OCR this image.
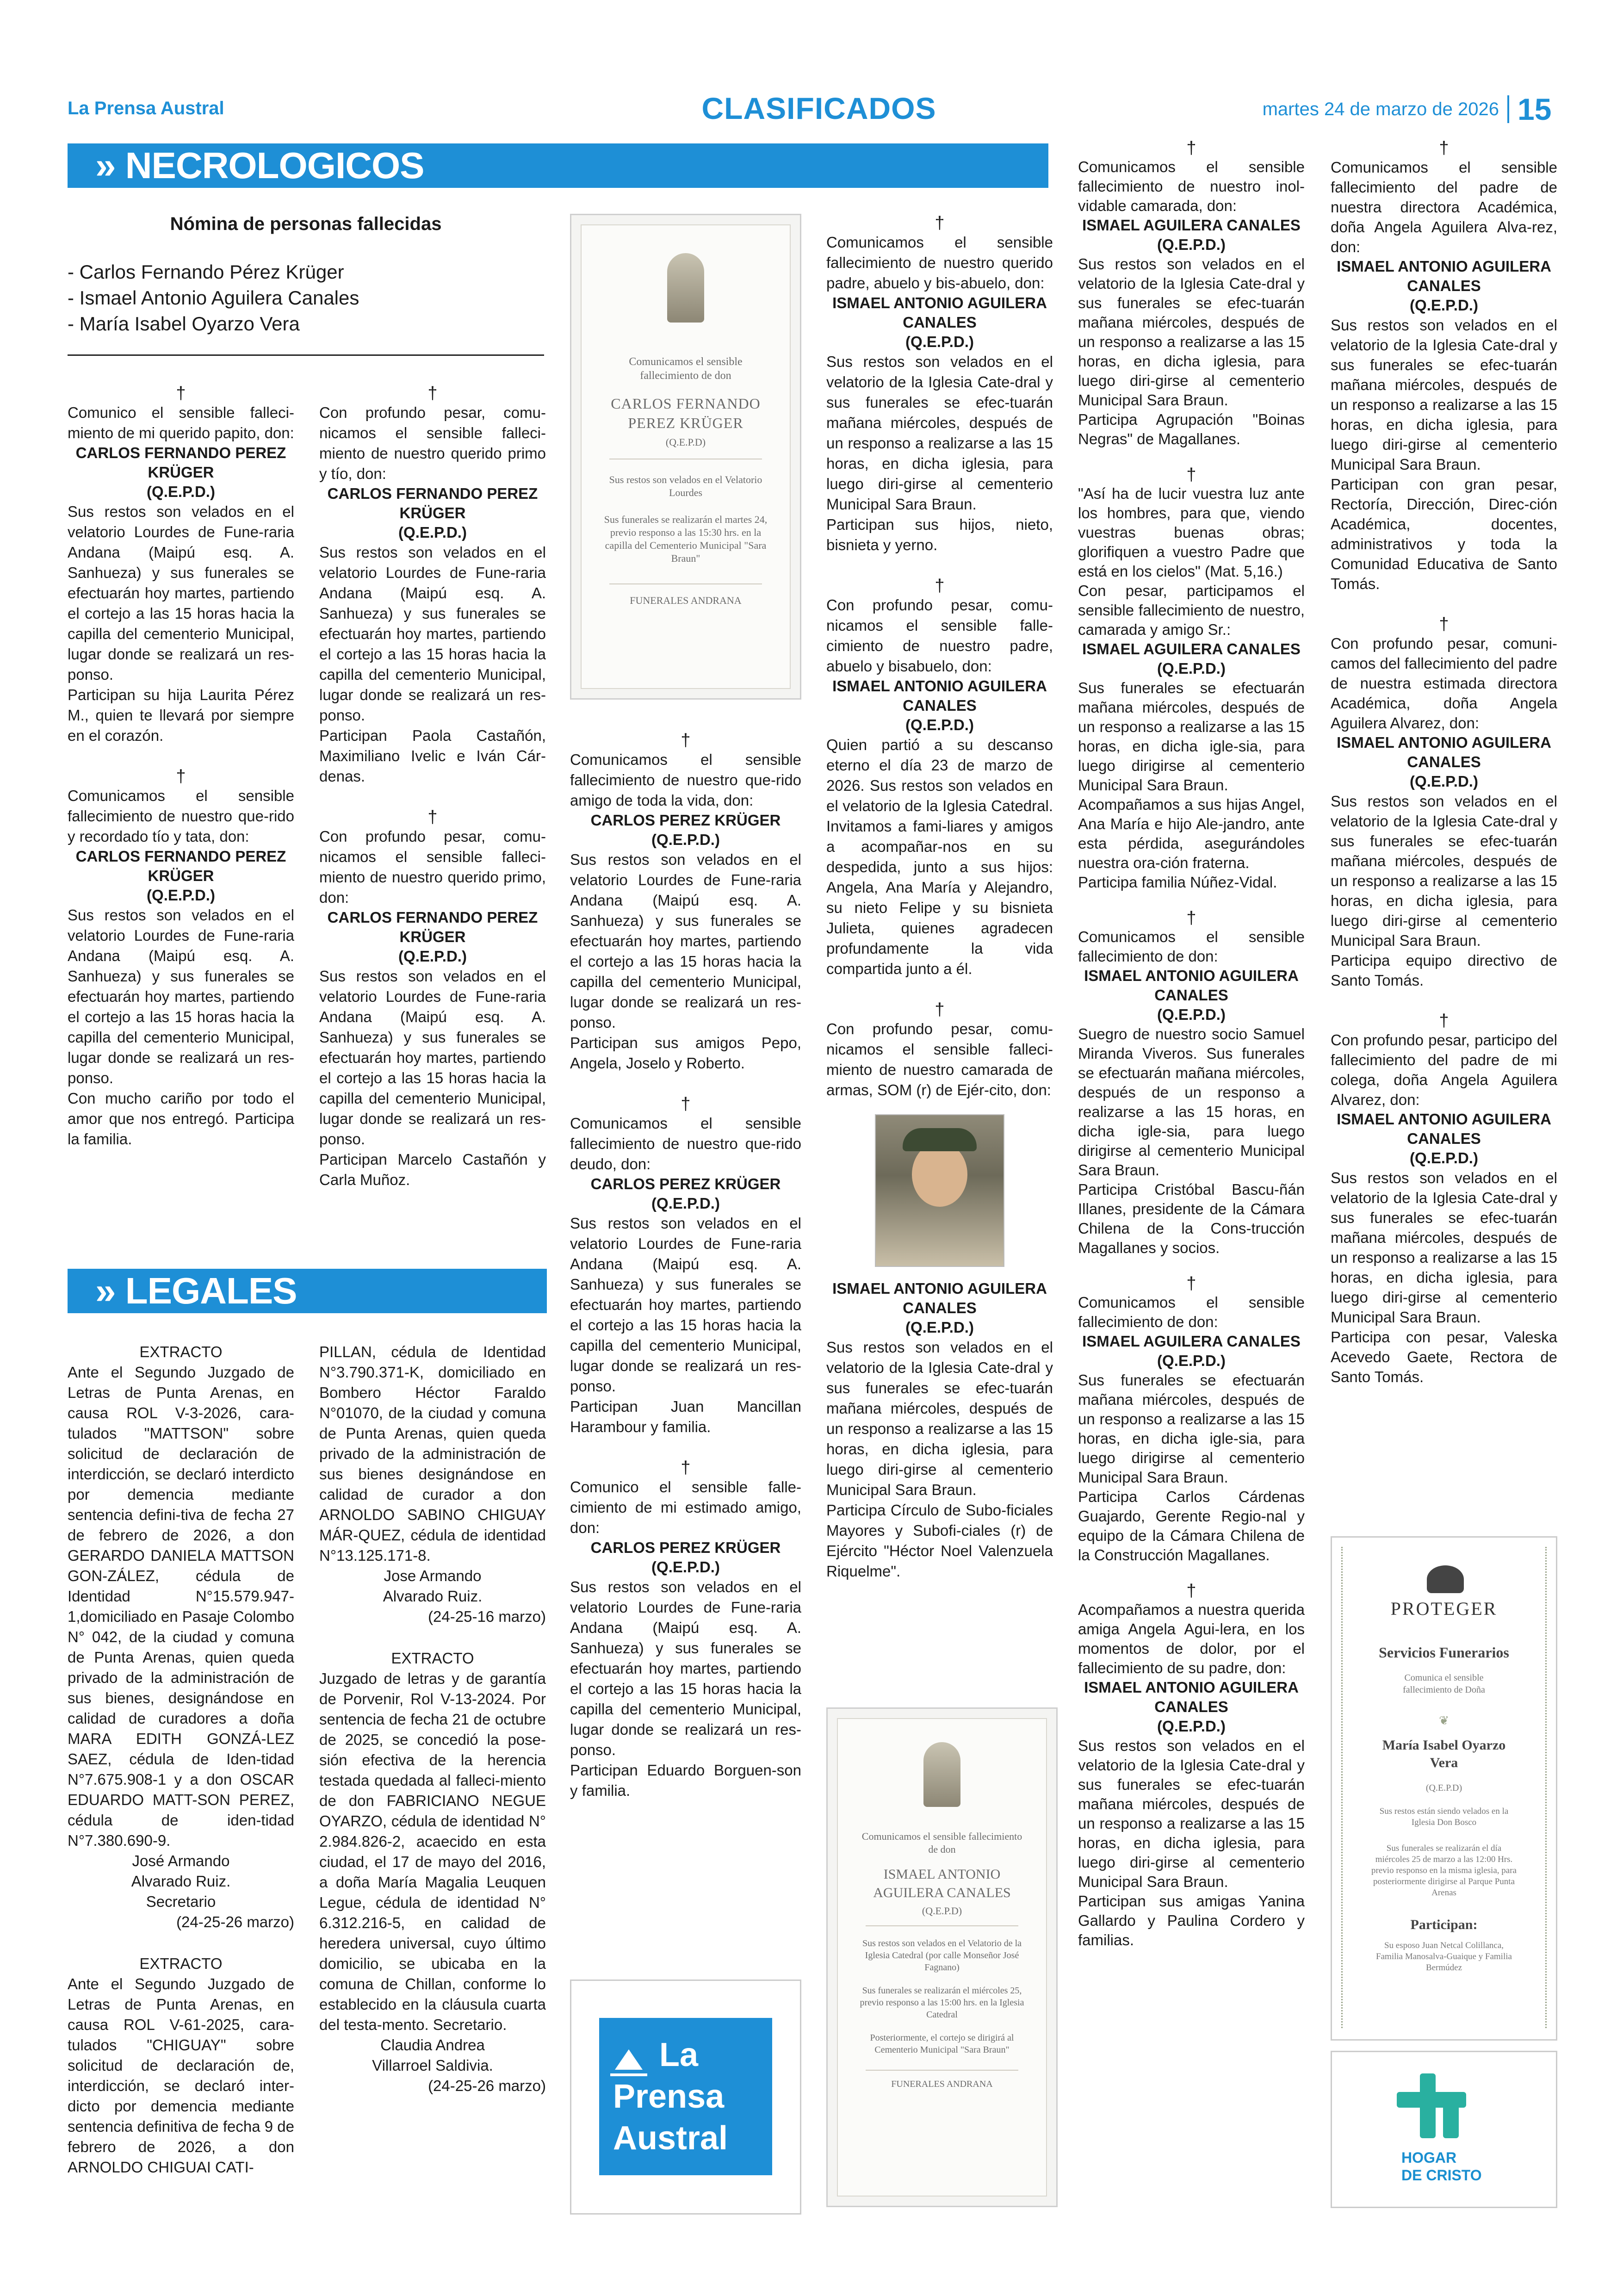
La Prensa Austral	CLASIFICADOS	martes 24 de marzo de 2026 15
» NECROLOGICOS
Nómina de personas fallecidas
- Carlos Fernando Pérez Krüger
- Ismael Antonio Aguilera Canales
- María Isabel Oyarzo Vera
†

Comunico el sensible falleci-miento de mi querido papito, don:

CARLOS FERNANDO PEREZ KRÜGER

(Q.E.P.D.)

Sus restos son velados en el velatorio Lourdes de Fune-raria Andana (Maipú esq. A. Sanhueza) y sus funerales se efectuarán hoy martes, partiendo el cortejo a las 15 horas hacia la capilla del cementerio Municipal, lugar donde se realizará un res-ponso.

Participan su hija Laurita Pérez M., quien te llevará por siempre en el corazón.

†

Comunicamos el sensible fallecimiento de nuestro que-rido y recordado tío y tata, don:

CARLOS FERNANDO PEREZ KRÜGER

(Q.E.P.D.)

Sus restos son velados en el velatorio Lourdes de Fune-raria Andana (Maipú esq. A. Sanhueza) y sus funerales se efectuarán hoy martes, partiendo el cortejo a las 15 horas hacia la capilla del cementerio Municipal, lugar donde se realizará un res-ponso.

Con mucho cariño por todo el amor que nos entregó. Participa la familia.

†

Con profundo pesar, comu-nicamos el sensible falleci-miento de nuestro querido primo y tío, don:

CARLOS FERNANDO PEREZ KRÜGER

(Q.E.P.D.)

Sus restos son velados en el velatorio Lourdes de Fune-raria Andana (Maipú esq. A. Sanhueza) y sus funerales se efectuarán hoy martes, partiendo el cortejo a las 15 horas hacia la capilla del cementerio Municipal, lugar donde se realizará un res-ponso.

Participan Paola Castañón, Maximiliano Ivelic e Iván Cár-denas.

†

Con profundo pesar, comu-nicamos el sensible falleci-miento de nuestro querido primo, don:

CARLOS FERNANDO PEREZ KRÜGER

(Q.E.P.D.)

Sus restos son velados en el velatorio Lourdes de Fune-raria Andana (Maipú esq. A. Sanhueza) y sus funerales se efectuarán hoy martes, partiendo el cortejo a las 15 horas hacia la capilla del cementerio Municipal, lugar donde se realizará un res-ponso.

Participan Marcelo Castañón y Carla Muñoz.

» LEGALES

EXTRACTO

Ante el Segundo Juzgado de Letras de Punta Arenas, en causa ROL V-3-2026, cara-tulados "MATTSON" sobre solicitud de declaración de interdicción, se declaró interdicto por demencia mediante sentencia defini-tiva de fecha 27 de febrero de 2026, a don GERARDO DANIELA MATTSON GON-ZÁLEZ, cédula de Identidad N°15.579.947- 1,domiciliado en Pasaje Colombo N° 042, de la ciudad y comuna de Punta Arenas, quien queda privado de la administración de sus bienes, designándose en calidad de curadores a doña MARA EDITH GONZÁ-LEZ SAEZ, cédula de Iden-tidad N°7.675.908-1 y a don OSCAR EDUARDO MATT-SON PEREZ, cédula de iden-tidad N°7.380.690-9.

José Armando

Alvarado Ruiz.

Secretario

(24-25-26 marzo)

EXTRACTO

Ante el Segundo Juzgado de Letras de Punta Arenas, en causa ROL V-61-2025, cara-tulados "CHIGUAY" sobre solicitud de declaración de, interdicción, se declaró inter-dicto por demencia mediante sentencia definitiva de fecha 9 de febrero de 2026, a don ARNOLDO CHIGUAI CATI-

PILLAN, cédula de Identidad N°3.790.371-K, domiciliado en Bombero Héctor Faraldo N°01070, de la ciudad y comuna de Punta Arenas, quien queda privado de la administración de sus bienes designándose en calidad de curador a don ARNOLDO SABINO CHIGUAY MÁR-QUEZ, cédula de identidad N°13.125.171-8.

Jose Armando

Alvarado Ruiz.

(24-25-16 marzo)

EXTRACTO

Juzgado de letras y de garantía de Porvenir, Rol V-13-2024. Por sentencia de fecha 21 de octubre de 2025, se concedió la pose-sión efectiva de la herencia testada quedada al falleci-miento de don FABRICIANO NEGUE OYARZO, cédula de identidad N° 2.984.826-2, acaecido en esta ciudad, el 17 de mayo del 2016, a doña María Magalia Leuquen Legue, cédula de identidad N° 6.312.216-5, en calidad de heredera universal, cuyo último domicilio, se ubicaba en la comuna de Chillan, conforme lo establecido en la cláusula cuarta del testa-mento. Secretario.

Claudia Andrea

Villarroel Saldivia.

(24-25-26 marzo)

Comunicamos el sensible fallecimiento de don
CARLOS FERNANDO PEREZ KRÜGER
(Q.E.P.D)
Sus restos son velados en el Velatorio Lourdes
Sus funerales se realizarán el martes 24, previo responso a las 15:30 hrs. en la capilla del Cementerio Municipal "Sara Braun"
FUNERALES ANDRANA
†

Comunicamos el sensible fallecimiento de nuestro que-rido amigo de toda la vida, don:

CARLOS PEREZ KRÜGER

(Q.E.P.D.)

Sus restos son velados en el velatorio Lourdes de Fune-raria Andana (Maipú esq. A. Sanhueza) y sus funerales se efectuarán hoy martes, partiendo el cortejo a las 15 horas hacia la capilla del cementerio Municipal, lugar donde se realizará un res-ponso.

Participan sus amigos Pepo, Angela, Joselo y Roberto.

†

Comunicamos el sensible fallecimiento de nuestro que-rido deudo, don:

CARLOS PEREZ KRÜGER

(Q.E.P.D.)

Sus restos son velados en el velatorio Lourdes de Fune-raria Andana (Maipú esq. A. Sanhueza) y sus funerales se efectuarán hoy martes, partiendo el cortejo a las 15 horas hacia la capilla del cementerio Municipal, lugar donde se realizará un res-ponso.

Participan Juan Mancillan Harambour y familia.

†

Comunico el sensible falle-cimiento de mi estimado amigo, don:

CARLOS PEREZ KRÜGER

(Q.E.P.D.)

Sus restos son velados en el velatorio Lourdes de Fune-raria Andana (Maipú esq. A. Sanhueza) y sus funerales se efectuarán hoy martes, partiendo el cortejo a las 15 horas hacia la capilla del cementerio Municipal, lugar donde se realizará un res-ponso.

Participan Eduardo Borguen-son y familia.

La
Prensa
Austral
†

Comunicamos el sensible fallecimiento de nuestro querido padre, abuelo y bis-abuelo, don:

ISMAEL ANTONIO AGUILERA CANALES

(Q.E.P.D.)

Sus restos son velados en el velatorio de la Iglesia Cate-dral y sus funerales se efec-tuarán mañana miércoles, después de un responso a realizarse a las 15 horas, en dicha iglesia, para luego diri-girse al cementerio Municipal Sara Braun.

Participan sus hijos, nieto, bisnieta y yerno.

†

Con profundo pesar, comu-nicamos el sensible falle-cimiento de nuestro padre, abuelo y bisabuelo, don:

ISMAEL ANTONIO AGUILERA CANALES

(Q.E.P.D.)

Quien partió a su descanso eterno el día 23 de marzo de 2026. Sus restos son velados en el velatorio de la Iglesia Catedral. Invitamos a fami-liares y amigos a acompañar-nos en su despedida, junto a sus hijos: Angela, Ana María y Alejandro, su nieto Felipe y su bisnieta Julieta, quienes agradecen profundamente la vida compartida junto a él.

†

Con profundo pesar, comu-nicamos el sensible falleci-miento de nuestro camarada de armas, SOM (r) de Ejér-cito, don:

ISMAEL ANTONIO AGUILERA CANALES

(Q.E.P.D.)

Sus restos son velados en el velatorio de la Iglesia Cate-dral y sus funerales se efec-tuarán mañana miércoles, después de un responso a realizarse a las 15 horas, en dicha iglesia, para luego diri-girse al cementerio Municipal Sara Braun.

Participa Círculo de Subo-ficiales Mayores y Subofi-ciales (r) de Ejército "Héctor Noel Valenzuela Riquelme".

Comunicamos el sensible fallecimiento de don
ISMAEL ANTONIO AGUILERA CANALES
(Q.E.P.D)
Sus restos son velados en el Velatorio de la Iglesia Catedral (por calle Monseñor José Fagnano)
Sus funerales se realizarán el miércoles 25, previo responso a las 15:00 hrs. en la Iglesia Catedral
Posteriormente, el cortejo se dirigirá al Cementerio Municipal "Sara Braun"
FUNERALES ANDRANA
†

Comunicamos el sensible fallecimiento de nuestro inol-vidable camarada, don:

ISMAEL AGUILERA CANALES

(Q.E.P.D.)

Sus restos son velados en el velatorio de la Iglesia Cate-dral y sus funerales se efec-tuarán mañana miércoles, después de un responso a realizarse a las 15 horas, en dicha iglesia, para luego diri-girse al cementerio Municipal Sara Braun.

Participa Agrupación "Boinas Negras" de Magallanes.

†

"Así ha de lucir vuestra luz ante los hombres, para que, viendo vuestras buenas obras; glorifiquen a vuestro Padre que está en los cielos" (Mat. 5,16.)

Con pesar, participamos el sensible fallecimiento de nuestro, camarada y amigo Sr.:

ISMAEL AGUILERA CANALES

(Q.E.P.D.)

Sus funerales se efectuarán mañana miércoles, después de un responso a realizarse a las 15 horas, en dicha igle-sia, para luego dirigirse al cementerio Municipal Sara Braun.

Acompañamos a sus hijas Angel, Ana María e hijo Ale-jandro, ante esta pérdida, asegurándoles nuestra ora-ción fraterna.

Participa familia Núñez-Vidal.

†

Comunicamos el sensible fallecimiento de don:

ISMAEL ANTONIO AGUILERA CANALES

(Q.E.P.D.)

Suegro de nuestro socio Samuel Miranda Viveros. Sus funerales se efectuarán mañana miércoles, después de un responso a realizarse a las 15 horas, en dicha igle-sia, para luego dirigirse al cementerio Municipal Sara Braun.

Participa Cristóbal Bascu-ñán Illanes, presidente de la Cámara Chilena de la Cons-trucción Magallanes y socios.

†

Comunicamos el sensible fallecimiento de don:

ISMAEL AGUILERA CANALES

(Q.E.P.D.)

Sus funerales se efectuarán mañana miércoles, después de un responso a realizarse a las 15 horas, en dicha igle-sia, para luego dirigirse al cementerio Municipal Sara Braun.

Participa Carlos Cárdenas Guajardo, Gerente Regio-nal y equipo de la Cámara Chilena de la Construcción Magallanes.

†

Acompañamos a nuestra querida amiga Angela Agui-lera, en los momentos de dolor, por el fallecimiento de su padre, don:

ISMAEL ANTONIO AGUILERA CANALES

(Q.E.P.D.)

Sus restos son velados en el velatorio de la Iglesia Cate-dral y sus funerales se efec-tuarán mañana miércoles, después de un responso a realizarse a las 15 horas, en dicha iglesia, para luego diri-girse al cementerio Municipal Sara Braun.

Participan sus amigas Yanina Gallardo y Paulina Cordero y familias.

†

Comunicamos el sensible fallecimiento del padre de nuestra directora Académica, doña Angela Aguilera Alva-rez, don:

ISMAEL ANTONIO AGUILERA CANALES

(Q.E.P.D.)

Sus restos son velados en el velatorio de la Iglesia Cate-dral y sus funerales se efec-tuarán mañana miércoles, después de un responso a realizarse a las 15 horas, en dicha iglesia, para luego diri-girse al cementerio Municipal Sara Braun.

Participan con gran pesar, Rectoría, Dirección, Direc-ción Académica, docentes, administrativos y toda la Comunidad Educativa de Santo Tomás.

†

Con profundo pesar, comuni-camos del fallecimiento del padre de nuestra estimada directora Académica, doña Angela Aguilera Alvarez, don:

ISMAEL ANTONIO AGUILERA CANALES

(Q.E.P.D.)

Sus restos son velados en el velatorio de la Iglesia Cate-dral y sus funerales se efec-tuarán mañana miércoles, después de un responso a realizarse a las 15 horas, en dicha iglesia, para luego diri-girse al cementerio Municipal Sara Braun.

Participa equipo directivo de Santo Tomás.

†

Con profundo pesar, participo del fallecimiento del padre de mi colega, doña Angela Aguilera Alvarez, don:

ISMAEL ANTONIO AGUILERA CANALES

(Q.E.P.D.)

Sus restos son velados en el velatorio de la Iglesia Cate-dral y sus funerales se efec-tuarán mañana miércoles, después de un responso a realizarse a las 15 horas, en dicha iglesia, para luego diri-girse al cementerio Municipal Sara Braun.

Participa con pesar, Valeska Acevedo Gaete, Rectora de Santo Tomás.

PROTEGER
Servicios Funerarios
Comunica el sensible fallecimiento de Doña
❦
María Isabel Oyarzo Vera
(Q.E.P.D)
Sus restos están siendo velados en la Iglesia Don Bosco
Sus funerales se realizarán el día miércoles 25 de marzo a las 12:00 Hrs. previo responso en la misma iglesia, para posteriormente dirigirse al Parque Punta Arenas
Participan:
Su esposo Juan Netcal Colillanca, Familia Manosalva-Guaique y Familia Bermúdez
HOGAR
DE CRISTO
